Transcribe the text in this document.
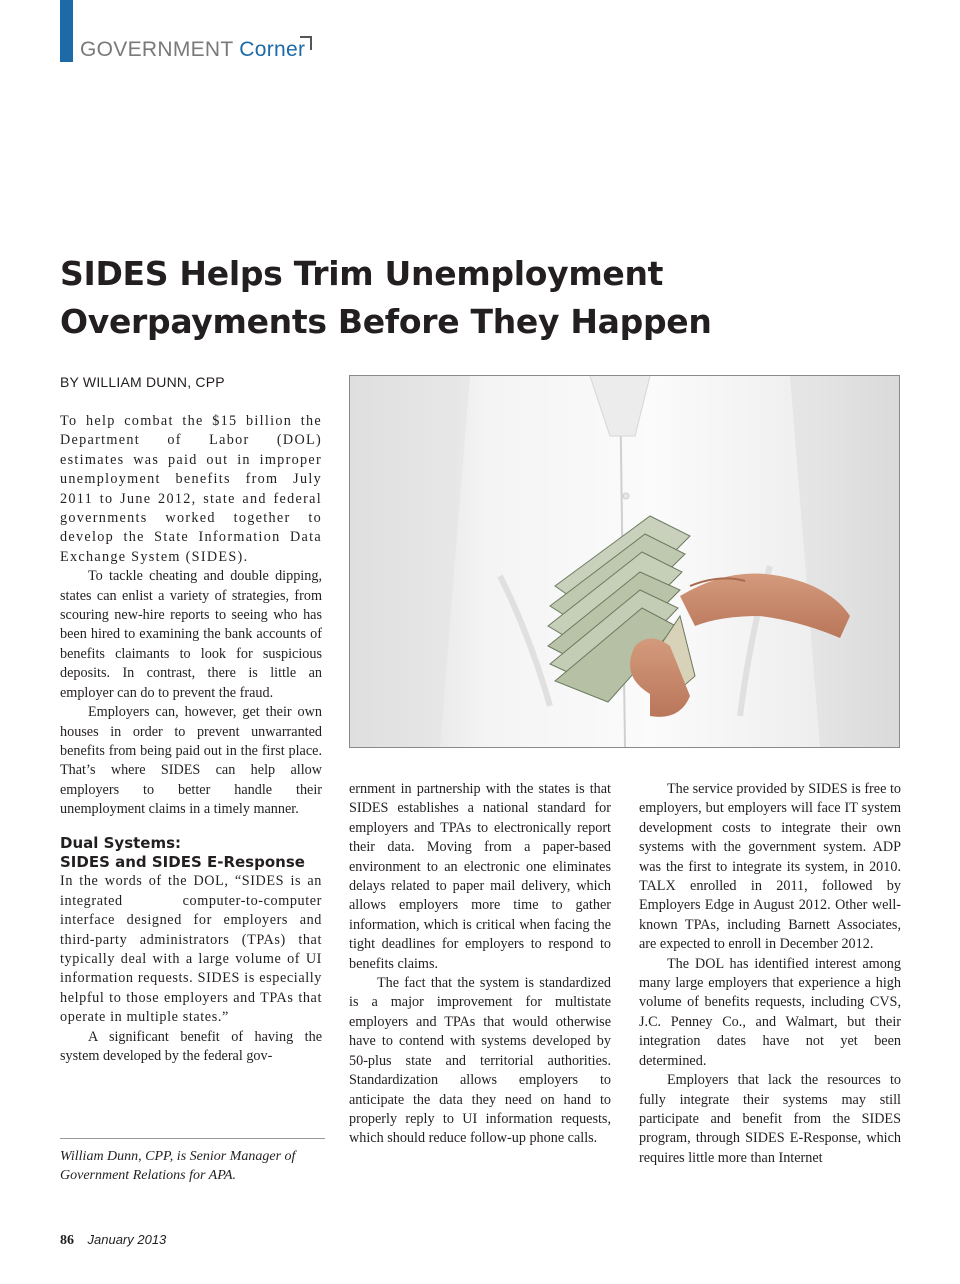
GOVERNMENT Corner
SIDES Helps Trim Unemployment
Overpayments Before They Happen
BY WILLIAM DUNN, CPP

To help combat the $15 billion the Department of Labor (DOL) estimates was paid out in improper unemployment benefits from July 2011 to June 2012, state and federal governments worked together to develop the State Information Data Exchange System (SIDES).

To tackle cheating and double dipping, states can enlist a variety of strategies, from scouring new-hire reports to seeing who has been hired to examining the bank accounts of benefits claimants to look for suspicious deposits. In contrast, there is little an employer can do to prevent the fraud.

Employers can, however, get their own houses in order to prevent unwarranted benefits from being paid out in the first place. That’s where SIDES can help allow employers to better handle their unemployment claims in a timely manner.

Dual Systems:
SIDES and SIDES E-Response

In the words of the DOL, “SIDES is an integrated computer-to-computer interface designed for employers and third-party administrators (TPAs) that typically deal with a large volume of UI information requests. SIDES is especially helpful to those employers and TPAs that operate in multiple states.”

A significant benefit of having the system developed by the federal gov-

William Dunn, CPP, is Senior Manager of Government Relations for APA.

ernment in partnership with the states is that SIDES establishes a national standard for employers and TPAs to electronically report their data. Moving from a paper-based environment to an electronic one eliminates delays related to paper mail delivery, which allows employers more time to gather information, which is critical when facing the tight deadlines for employers to respond to benefits claims.

The fact that the system is standardized is a major improvement for multistate employers and TPAs that would otherwise have to contend with systems developed by 50-plus state and territorial authorities. Standardization allows employers to anticipate the data they need on hand to properly reply to UI information requests, which should reduce follow-up phone calls.

The service provided by SIDES is free to employers, but employers will face IT system development costs to integrate their own systems with the government system. ADP was the first to integrate its system, in 2010. TALX enrolled in 2011, followed by Employers Edge in August 2012. Other well-known TPAs, including Barnett Associates, are expected to enroll in December 2012.

The DOL has identified interest among many large employers that experience a high volume of benefits requests, including CVS, J.C. Penney Co., and Walmart, but their integration dates have not yet been determined.

Employers that lack the resources to fully integrate their systems may still participate and benefit from the SIDES program, through SIDES E-Response, which requires little more than Internet

86 January 2013
